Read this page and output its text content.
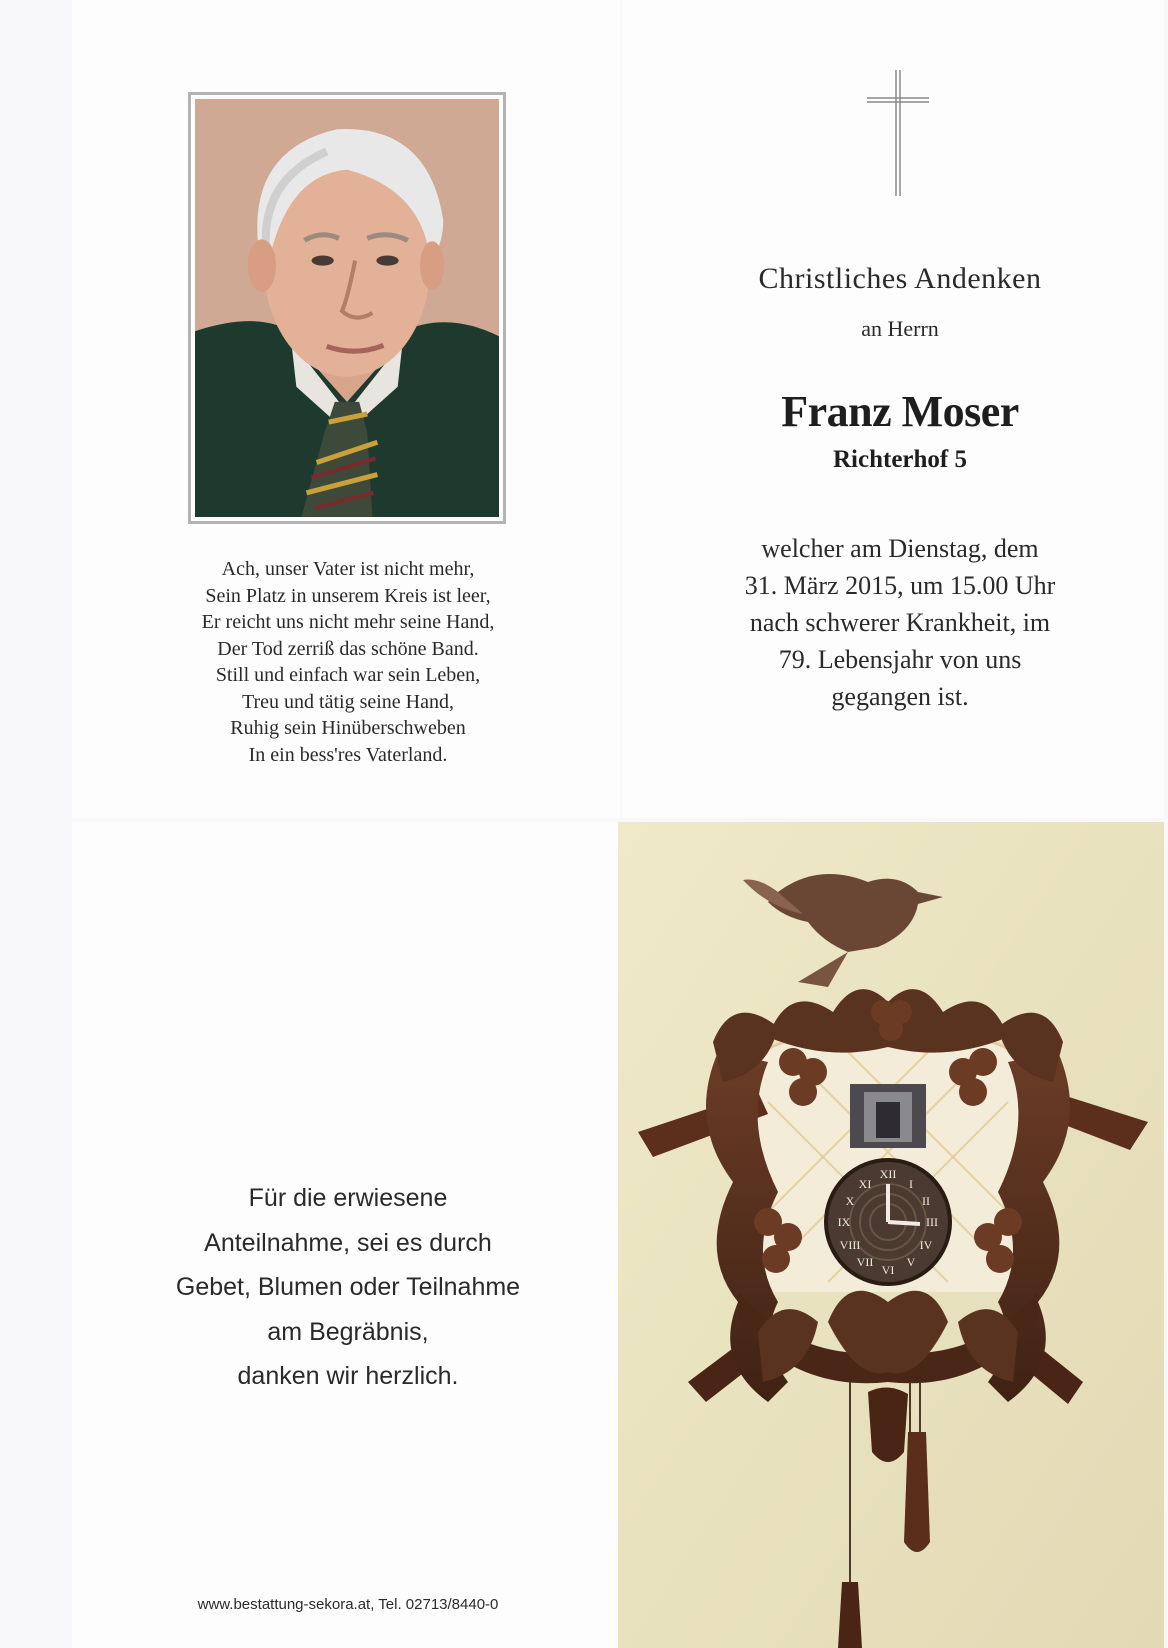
Ach, unser Vater ist nicht mehr,
Sein Platz in unserem Kreis ist leer,
Er reicht uns nicht mehr seine Hand,
Der Tod zerriß das schöne Band.
Still und einfach war sein Leben,
Treu und tätig seine Hand,
Ruhig sein Hinüberschweben
In ein bess'res Vaterland.
Christliches Andenken
an Herrn
Franz Moser
Richterhof 5
welcher am Dienstag, dem
31. März 2015, um 15.00 Uhr
nach schwerer Krankheit, im
79. Lebensjahr von uns
gegangen ist.
Für die erwiesene
Anteilnahme, sei es durch
Gebet, Blumen oder Teilnahme
am Begräbnis,
danken wir herzlich.
www.bestattung-sekora.at, Tel. 02713/8440-0
XII
III
VI
IX
I
II
IV
V
VII
VIII
X
XI
